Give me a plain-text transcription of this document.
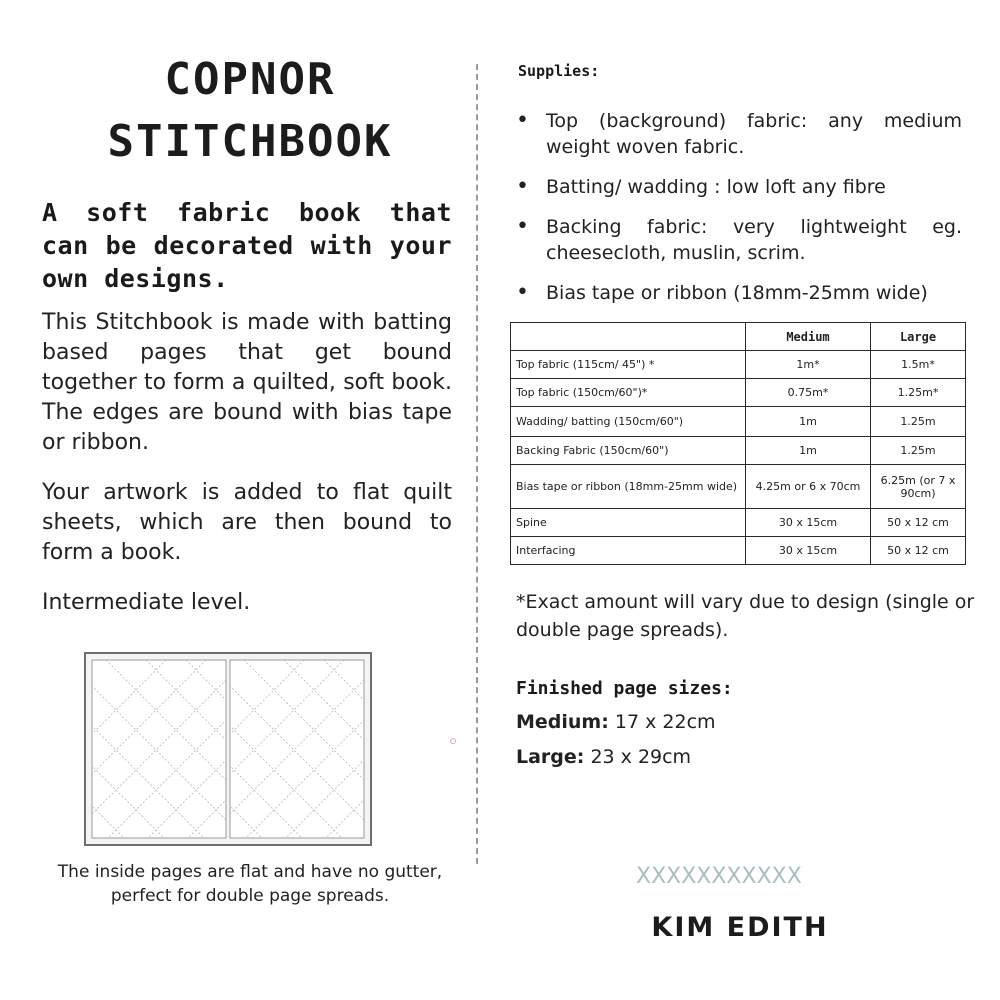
COPNOR
STITCHBOOK
A soft fabric book that can be decorated with your own designs.

This Stitchbook is made with batting based pages that get bound together to form a quilted, soft book. The edges are bound with bias tape or ribbon.

Your artwork is added to flat quilt sheets, which are then bound to form a book.

Intermediate level.

The inside pages are flat and have no gutter, perfect for double page spreads.
Supplies:
• Top (background) fabric: any medium weight woven fabric.
• Batting/ wadding : low loft any fibre
• Backing fabric: very lightweight eg. cheesecloth, muslin, scrim.
• Bias tape or ribbon (18mm-25mm wide)
	Medium	Large
Top fabric (115cm/ 45") *	1m*	1.5m*
Top fabric (150cm/60")*	0.75m*	1.25m*
Wadding/ batting (150cm/60")	1m	1.25m
Backing Fabric (150cm/60")	1m	1.25m
Bias tape or ribbon (18mm-25mm wide)	4.25m or 6 x 70cm	6.25m (or 7 x 90cm)
Spine	30 x 15cm	50 x 12 cm
Interfacing	30 x 15cm	50 x 12 cm
*Exact amount will vary due to design (single or double page spreads).
Finished page sizes:
Medium: 17 x 22cm
Large: 23 x 29cm
XXXXXXXXXXX
KIM EDITH
